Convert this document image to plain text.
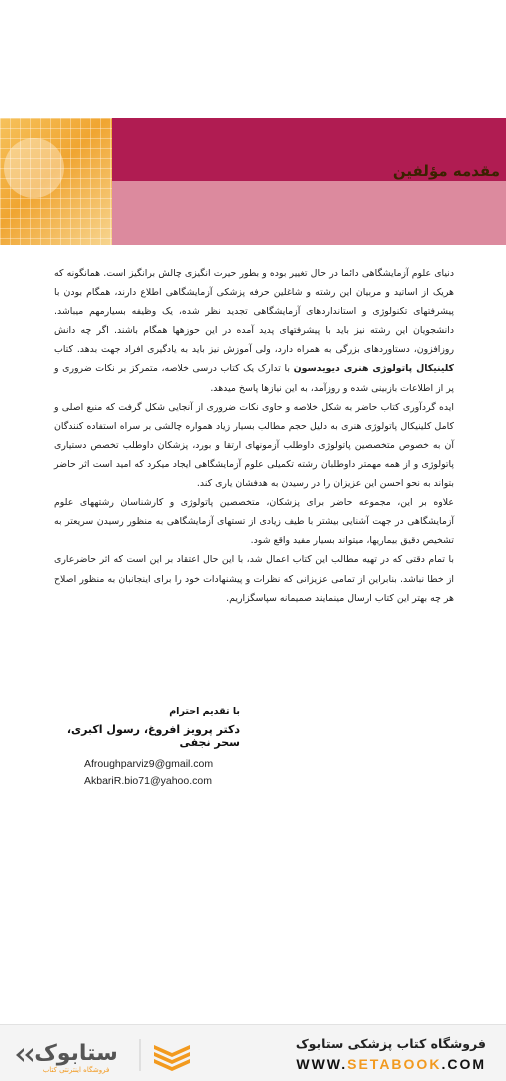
مقدمه مؤلفین

دنیای علوم آزمایشگاهی دائما در حال تغییر بوده و بطور حیرت انگیزی چالش برانگیز است. همانگونه که هریک از اساتید و مربیان این رشته و شاغلین حرفه پزشکی آزمایشگاهی اطلاع دارند، همگام بودن با پیشرفتهای تکنولوژی و استانداردهای آزمایشگاهی تجدید نظر شده، یک وظیفه بسیارمهم میباشد. دانشجویان این رشته نیز باید با پیشرفتهای پدید آمده در این حوزهها همگام باشند. اگر چه دانش روزافزون، دستاوردهای بزرگی به همراه دارد، ولی آموزش نیز باید به یادگیری افراد جهت بدهد. کتاب کلینیکال پاتولوژی هنری دیویدسون با تدارک یک کتاب درسی خلاصه، متمرکز بر نکات ضروری و پر از اطلاعات بازبینی شده و روزآمد، به این نیازها پاسخ میدهد.

ایده گردآوری کتاب حاضر به شکل خلاصه و حاوی نکات ضروری از آنجایی شکل گرفت که منبع اصلی و کامل کلینیکال پاتولوژی هنری به دلیل حجم مطالب بسیار زیاد همواره چالشی بر سراه استفاده کنندگان آن به خصوص متخصصین پاتولوژی داوطلب آزمونهای ارتقا و بورد، پزشکان داوطلب تخصص دستیاری پاتولوژی و از همه مهمتر داوطلبان رشته تکمیلی علوم آزمایشگاهی ایجاد میکرد که امید است اثر حاضر بتواند به نحو احسن این عزیزان را در رسیدن به هدفشان یاری کند.

علاوه بر این، مجموعه حاضر برای پزشکان، متخصصین پاتولوژی و کارشناسان رشتههای علوم آزمایشگاهی در جهت آشنایی بیشتر با طیف زیادی از تستهای آزمایشگاهی به منظور رسیدن سریعتر به تشخیص دقیق بیماریها، میتواند بسیار مفید واقع شود.

با تمام دقتی که در تهیه مطالب این کتاب اعمال شد، با این حال اعتقاد بر این است که اثر حاضرعاری از خطا نباشد. بنابراین از تمامی عزیزانی که نظرات و پیشنهادات خود را برای اینجانبان به منظور اصلاح هر چه بهتر این کتاب ارسال مینمایند صمیمانه سپاسگزاریم.

با تقدیم احترام
دکتر پرویز افروغ، رسول اکبری، سحر نجفی
Afroughparviz9@gmail.com
AkbariR.bio71@yahoo.com
ستابوک
فروشگاه اینترنتی کتاب
فروشگاه کتاب پزشکی ستابوک
WWW.SETABOOK.COM
